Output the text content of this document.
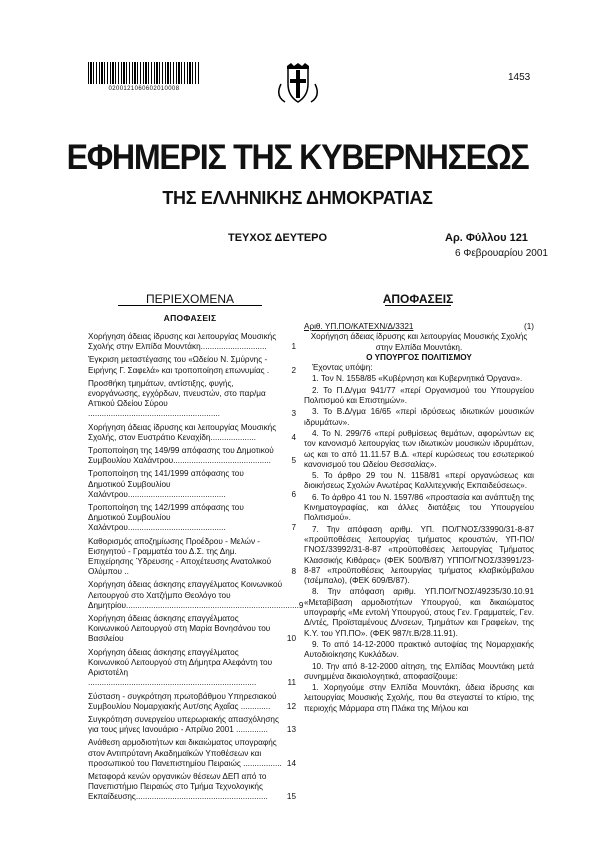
0200121060602010008
1453
ΕΦΗΜΕΡΙΣ ΤΗΣ ΚΥΒΕΡΝΗΣΕΩΣ
ΤΗΣ ΕΛΛΗΝΙΚΗΣ ΔΗΜΟΚΡΑΤΙΑΣ
ΤΕΥΧΟΣ ΔΕΥΤΕΡΟ	Αρ. Φύλλου 121
6 Φεβρουαρίου 2001
ΠΕΡΙΕΧΟΜΕΝΑ
ΑΠΟΦΑΣΕΙΣ
Χορήγηση άδειας ίδρυσης και λειτουργίας Μουσικής Σχολής στην Ελπίδα Μουντάκη.............................	1
Έγκριση μεταστέγασης του «Ωδείου Ν. Σμύρνης - Ειρήνης Γ. Σαφελά» και τροποποίηση επωνυμίας .	2
Προσθήκη τμημάτων, αντίστιξης, φυγής, ενοργάνωσης, εγχόρδων, πνευστών, στο παρ/μα Αττικού Ωδείου Σύρου ..........................................................	3
Χορήγηση άδειας ίδρυσης και λειτουργίας Μουσικής Σχολής, στον Ευστράτιο Κεναχίδη....................	4
Τροποποίηση της 149/99 απόφασης του Δημοτικού Συμβουλίου Χαλάντρου...........................................	5
Τροποποίηση της 141/1999 απόφασης του Δημοτικού Συμβουλίου Χαλάντρου...........................................	6
Τροποποίηση της 142/1999 απόφασης του Δημοτικού Συμβουλίου Χαλάντρου...........................................	7
Καθορισμός αποζημίωσης Προέδρου - Μελών - Εισηγητού - Γραμματέα του Δ.Σ. της Δημ. Επιχείρησης Ύδρευσης - Αποχέτευσης Ανατολικού Ολύμπου ..	8
Χορήγηση άδειας άσκησης επαγγέλματος Κοινωνικού Λειτουργού στο Χατζήμπο Θεολόγο του Δημητρίου............................................................................ 9
Χορήγηση άδειας άσκησης επαγγέλματος Κοινωνικού Λειτουργού στη Μαρία Βονησάνου του Βασιλείου	10
Χορήγηση άδειας άσκησης επαγγέλματος Κοινωνικού Λειτουργού στη Δήμητρα Αλεφάντη του Αριστοτέλη ..........................................................................	11
Σύσταση - συγκρότηση πρωτοβάθμου Υπηρεσιακού Συμβουλίου Νομαρχιακής Αυτ/σης Αχαΐας .............	12
Συγκρότηση συνεργείου υπερωριακής απασχόλησης για τους μήνες Ιανουάριο - Απρίλιο 2001 ..............	13
Ανάθεση αρμοδιοτήτων και δικαιώματος υπογραφής στον Αντιπρύτανη Ακαδημαϊκών Υποθέσεων και προσωπικού του Πανεπιστημίου Πειραιώς ................. 14
Μεταφορά κενών οργανικών θέσεων ΔΕΠ από το Πανεπιστήμιο Πειραιώς στο Τμήμα Τεχνολογικής Εκπαίδευσης..........................................................	15
ΑΠΟΦΑΣΕΙΣ
Αριθ. ΥΠ.ΠΟ/ΚΑΤΕΧΝ/Δ/3321	(1)
Χορήγηση άδειας ίδρυσης και λειτουργίας Μουσικής Σχολής στην Ελπίδα Μουντάκη.
Ο ΥΠΟΥΡΓΟΣ ΠΟΛΙΤΙΣΜΟΥ
Έχοντας υπόψη:

1. Τον Ν. 1558/85 «Κυβέρνηση και Κυβερνητικά Όργανα».

2. Το Π.Δ/γμα 941/77 «περί Οργανισμού του Υπουργείου Πολιτισμού και Επιστημών».

3. Το Β.Δ/γμα 16/65 «περί ιδρύσεως ιδιωτικών μουσικών ιδρυμάτων».

4. Το Ν. 299/76 «περί ρυθμίσεως θεμάτων, αφορώντων εις τον κανονισμό λειτουργίας των ιδιωτικών μουσικών ιδρυμάτων, ως και το από 11.11.57 Β.Δ. «περί κυρώσεως του εσωτερικού κανονισμού του Ωδείου Θεσσαλίας».

5. Το άρθρο 29 του Ν. 1158/81 «περί οργανώσεως και διοικήσεως Σχολών Ανωτέρας Καλλιτεχνικής Εκπαιδεύσεως».

6. Το άρθρο 41 του Ν. 1597/86 «προστασία και ανάπτυξη της Κινηματογραφίας, και άλλες διατάξεις του Υπουργείου Πολιτισμού».

7. Την απόφαση αριθμ. ΥΠ. ΠΟ/ΓΝΟΣ/33990/31-8-87 «προϋποθέσεις λειτουργίας τμήματος κρουστών, ΥΠ-ΠΟ/ΓΝΟΣ/33992/31-8-87 «προϋποθέσεις λειτουργίας Τμήματος Κλασσικής Κιθάρας» (ΦΕΚ 500/Β/87) ΥΠΠΟ/ΓΝΟΣ/33991/23-8-87 «προϋποθέσεις λειτουργίας τμήματος κλαβικύμβαλου (τσέμπαλο), (ΦΕΚ 609/Β/87).

8. Την απόφαση αριθμ. ΥΠ.ΠΟ/ΓΝΟΣ/49235/30.10.91 «Μεταβίβαση αρμοδιοτήτων Υπουργού, και δικαιώματος υπογραφής «Με εντολή Υπουργού, στους Γεν. Γραμματείς, Γεν. Δ/ντές, Προϊσταμένους Δ/νσεων, Τμημάτων και Γραφείων, της Κ.Υ. του ΥΠ.ΠΟ». (ΦΕΚ 987/τ.Β/28.11.91).

9. Το από 14-12-2000 πρακτικό αυτοψίας της Νομαρχιακής Αυτοδιοίκησης Κυκλάδων.

10. Την από 8-12-2000 αίτηση, της Ελπίδας Μουντάκη μετά συνημμένα δικαιολογητικά, αποφασίζουμε:

1. Χορηγούμε στην Ελπίδα Μουντάκη, άδεια ίδρυσης και λειτουργίας Μουσικής Σχολής, που θα στεγαστεί το κτίριο, της περιοχής Μάρμαρα στη Πλάκα της Μήλου και
